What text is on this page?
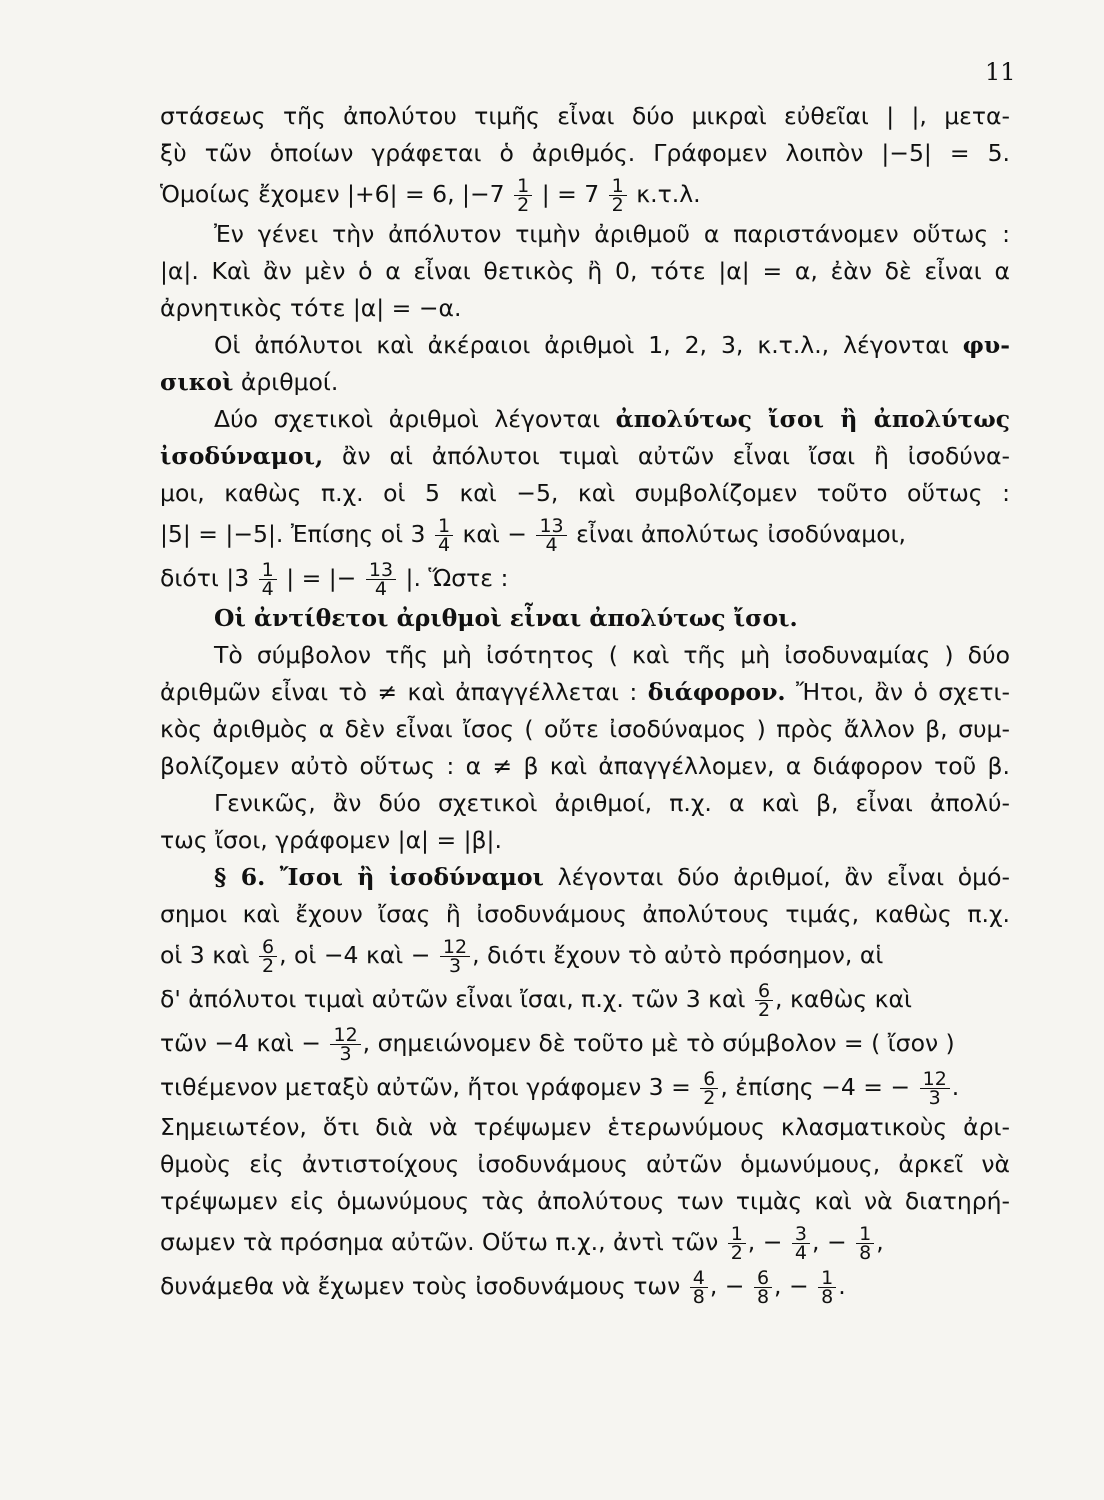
11
στάσεως τῆς ἀπολύτου τιμῆς εἶναι δύο μικραὶ εὐθεῖαι | |, μετα-
ξὺ τῶν ὁποίων γράφεται ὁ ἀριθμός. Γράφομεν λοιπὸν |−5| = 5.
Ὁμοίως ἔχομεν |+6| = 6, $|-7 \frac{1}{2}$ | = $7 \frac{1}{2} \kappa.\tau.\lambda$.
Ἐν γένει τὴν ἀπόλυτον τιμὴν ἀριθμοῦ α παριστάνομεν οὕτως :
|α|. Καὶ ἂν μὲν ὁ α εἶναι θετικὸς ἢ 0, τότε |α| = α, ἐὰν δὲ εἶναι α
ἀρνητικὸς τότε |α| = −α.
Οἱ ἀπόλυτοι καὶ ἀκέραιοι ἀριθμοὶ 1, 2, 3, κ.τ.λ., λέγονται φυ-
σικοὶ ἀριθμοί.
Δύο σχετικοὶ ἀριθμοὶ λέγονται ἀπολύτως ἴσοι ἢ ἀπολύτως
ἰσοδύναμοι, ἂν αἱ ἀπόλυτοι τιμαὶ αὐτῶν εἶναι ἴσαι ἢ ἰσοδύνα-
μοι, καθὼς π.χ. οἱ 5 καὶ −5, καὶ συμβολίζομεν τοῦτο οὕτως :
|5| = |−5|. Ἐπίσης οἱ $3 \frac{1}{4}$ καὶ − $\frac{13}{4}$ εἶναι ἀπολύτως ἰσοδύναμοι,
διότι $|3 \frac{1}{4}$ | = |− $\frac{13}{4}$ |. Ὥστε :
Οἱ ἀντίθετοι ἀριθμοὶ εἶναι ἀπολύτως ἴσοι.
Τὸ σύμβολον τῆς μὴ ἰσότητος ( καὶ τῆς μὴ ἰσοδυναμίας ) δύο
ἀριθμῶν εἶναι τὸ ≠ καὶ ἀπαγγέλλεται : διάφορον. Ἤτοι, ἂν ὁ σχετι-
κὸς ἀριθμὸς α δὲν εἶναι ἴσος ( οὔτε ἰσοδύναμος ) πρὸς ἄλλον β, συμ-
βολίζομεν αὐτὸ οὕτως : α ≠ β καὶ ἀπαγγέλλομεν, α διάφορον τοῦ β.
Γενικῶς, ἂν δύο σχετικοὶ ἀριθμοί, π.χ. α καὶ β, εἶναι ἀπολύ-
τως ἴσοι, γράφομεν |α| = |β|.
§ 6. Ἴσοι ἢ ἰσοδύναμοι λέγονται δύο ἀριθμοί, ἂν εἶναι ὁμό-
σημοι καὶ ἔχουν ἴσας ἢ ἰσοδυνάμους ἀπολύτους τιμάς, καθὼς π.χ.
οἱ 3 καὶ $\frac{6}{2}$ , οἱ −4 καὶ − $\frac{12}{3}$ , διότι ἔχουν τὸ αὐτὸ πρόσημον, αἱ
δ' ἀπόλυτοι τιμαὶ αὐτῶν εἶναι ἴσαι, π.χ. τῶν 3 καὶ $\frac{6}{2}$ , καθὼς καὶ
τῶν −4 καὶ − $\frac{12}{3}$ , σημειώνομεν δὲ τοῦτο μὲ τὸ σύμβολον = ( ἴσον )
τιθέμενον μεταξὺ αὐτῶν, ἤτοι γράφομεν $3 = \frac{6}{2}$ , ἐπίσης −4 = − $\frac{12}{3}$ .
Σημειωτέον, ὅτι διὰ νὰ τρέψωμεν ἑτερωνύμους κλασματικοὺς ἀρι-
θμοὺς εἰς ἀντιστοίχους ἰσοδυνάμους αὐτῶν ὁμωνύμους, ἀρκεῖ νὰ
τρέψωμεν εἰς ὁμωνύμους τὰς ἀπολύτους των τιμὰς καὶ νὰ διατηρή-
σωμεν τὰ πρόσημα αὐτῶν. Οὕτω π.χ., ἀντὶ τῶν $\frac{1}{2}$ , − $\frac{3}{4}$ , − $\frac{1}{8}$ ,
δυνάμεθα νὰ ἔχωμεν τοὺς ἰσοδυνάμους των $\frac{4}{8}$ , − $\frac{6}{8}$ , − $\frac{1}{8}$ .
